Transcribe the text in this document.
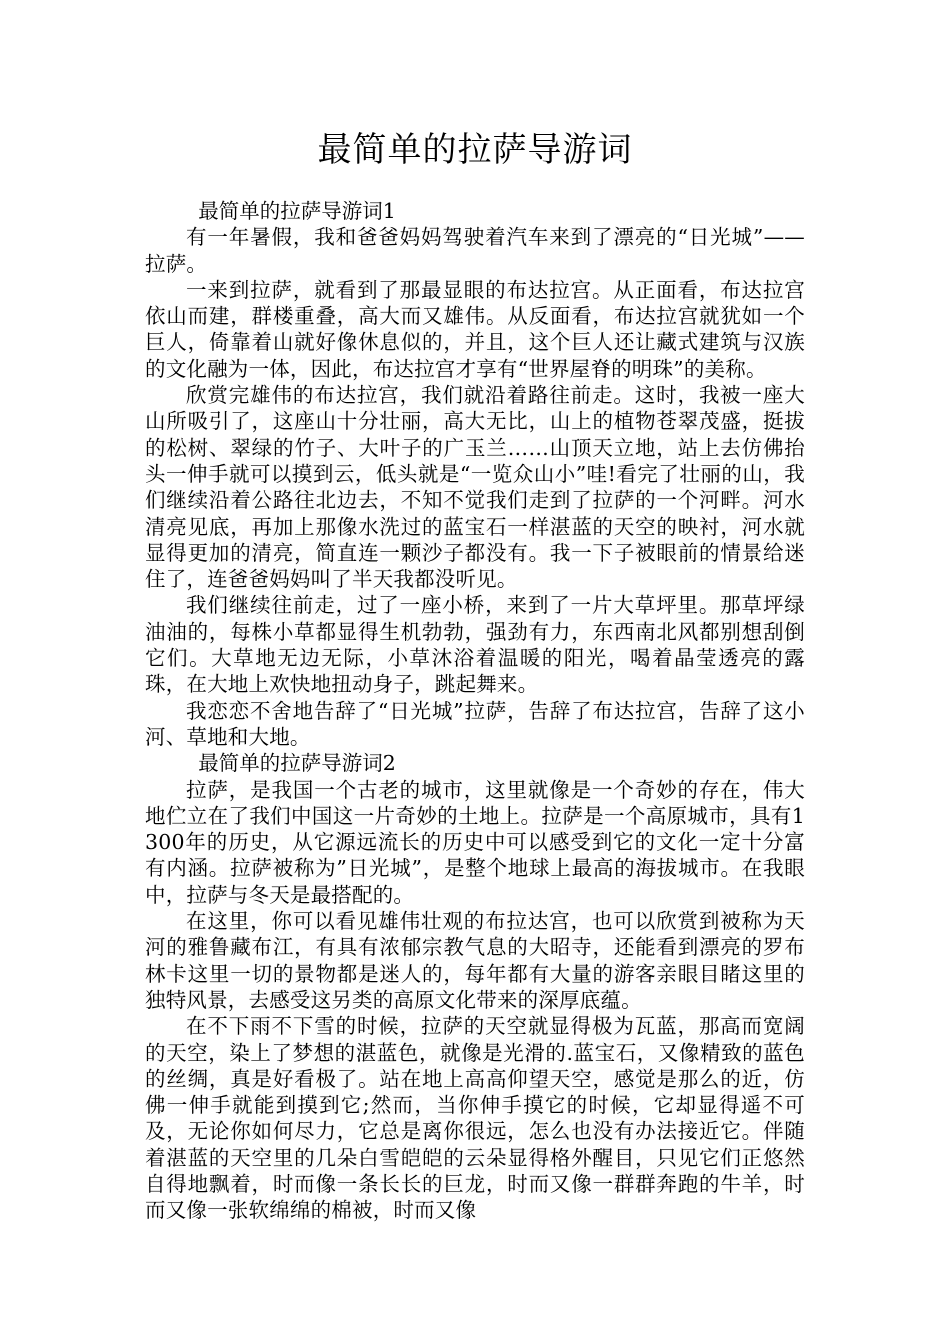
最简单的拉萨导游词

最简单的拉萨导游词1

有一年暑假，我和爸爸妈妈驾驶着汽车来到了漂亮的“日光城”——拉萨。

一来到拉萨，就看到了那最显眼的布达拉宫。从正面看，布达拉宫依山而建，群楼重叠，高大而又雄伟。从反面看，布达拉宫就犹如一个巨人，倚靠着山就好像休息似的，并且，这个巨人还让藏式建筑与汉族的文化融为一体，因此，布达拉宫才享有“世界屋脊的明珠”的美称。

欣赏完雄伟的布达拉宫，我们就沿着路往前走。这时，我被一座大山所吸引了，这座山十分壮丽，高大无比，山上的植物苍翠茂盛，挺拔的松树、翠绿的竹子、大叶子的广玉兰……山顶天立地，站上去仿佛抬头一伸手就可以摸到云，低头就是“一览众山小”哇!看完了壮丽的山，我们继续沿着公路往北边去，不知不觉我们走到了拉萨的一个河畔。河水清亮见底，再加上那像水洗过的蓝宝石一样湛蓝的天空的映衬，河水就显得更加的清亮，简直连一颗沙子都没有。我一下子被眼前的情景给迷住了，连爸爸妈妈叫了半天我都没听见。

我们继续往前走，过了一座小桥，来到了一片大草坪里。那草坪绿油油的，每株小草都显得生机勃勃，强劲有力，东西南北风都别想刮倒它们。大草地无边无际，小草沐浴着温暖的阳光，喝着晶莹透亮的露珠，在大地上欢快地扭动身子，跳起舞来。

我恋恋不舍地告辞了“日光城”拉萨，告辞了布达拉宫，告辞了这小河、草地和大地。

最简单的拉萨导游词2

拉萨，是我国一个古老的城市，这里就像是一个奇妙的存在，伟大地伫立在了我们中国这一片奇妙的土地上。拉萨是一个高原城市，具有1300年的历史，从它源远流长的历史中可以感受到它的文化一定十分富有内涵。拉萨被称为”日光城”，是整个地球上最高的海拔城市。在我眼中，拉萨与冬天是最搭配的。

在这里，你可以看见雄伟壮观的布拉达宫，也可以欣赏到被称为天河的雅鲁藏布江，有具有浓郁宗教气息的大昭寺，还能看到漂亮的罗布林卡这里一切的景物都是迷人的，每年都有大量的游客亲眼目睹这里的独特风景，去感受这另类的高原文化带来的深厚底蕴。

在不下雨不下雪的时候，拉萨的天空就显得极为瓦蓝，那高而宽阔的天空，染上了梦想的湛蓝色，就像是光滑的.蓝宝石，又像精致的蓝色的丝绸，真是好看极了。站在地上高高仰望天空，感觉是那么的近，仿佛一伸手就能到摸到它;然而，当你伸手摸它的时候，它却显得遥不可及，无论你如何尽力，它总是离你很远，怎么也没有办法接近它。伴随着湛蓝的天空里的几朵白雪皑皑的云朵显得格外醒目，只见它们正悠然自得地飘着，时而像一条长长的巨龙，时而又像一群群奔跑的牛羊，时而又像一张软绵绵的棉被，时而又像
